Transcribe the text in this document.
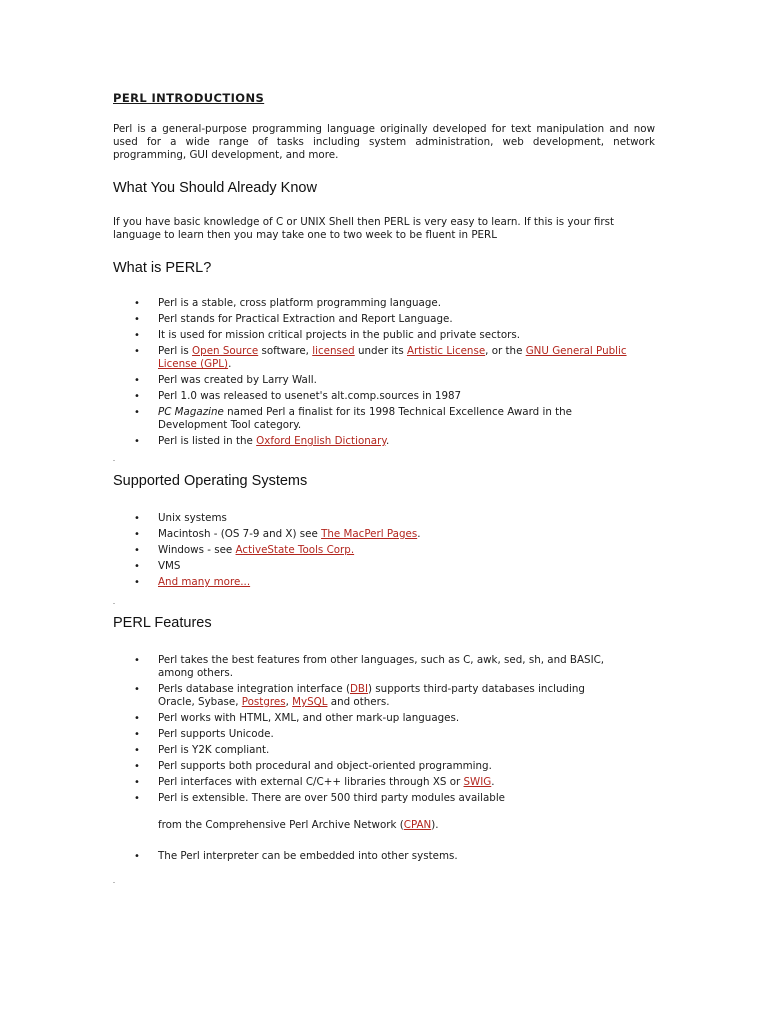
PERL INTRODUCTIONS
Perl is a general-purpose programming language originally developed for text manipulation and now used for a wide range of tasks including system administration, web development, network programming, GUI development, and more.
What You Should Already Know
If you have basic knowledge of C or UNIX Shell then PERL is very easy to learn. If this is your first language to learn then you may take one to two week to be fluent in PERL
What is PERL?
• Perl is a stable, cross platform programming language.
• Perl stands for Practical Extraction and Report Language.
• It is used for mission critical projects in the public and private sectors.
• Perl is Open Source software, licensed under its Artistic License, or the GNU General Public License (GPL).
• Perl was created by Larry Wall.
• Perl 1.0 was released to usenet's alt.comp.sources in 1987
• PC Magazine named Perl a finalist for its 1998 Technical Excellence Award in the Development Tool category.
• Perl is listed in the Oxford English Dictionary.
Supported Operating Systems
• Unix systems
• Macintosh - (OS 7-9 and X) see The MacPerl Pages.
• Windows - see ActiveState Tools Corp.
• VMS
• And many more...
PERL Features
• Perl takes the best features from other languages, such as C, awk, sed, sh, and BASIC, among others.
• Perls database integration interface (DBI) supports third-party databases including Oracle, Sybase, Postgres, MySQL and others.
• Perl works with HTML, XML, and other mark-up languages.
• Perl supports Unicode.
• Perl is Y2K compliant.
• Perl supports both procedural and object-oriented programming.
• Perl interfaces with external C/C++ libraries through XS or SWIG.
• Perl is extensible. There are over 500 third party modules available
from the Comprehensive Perl Archive Network (CPAN).
• The Perl interpreter can be embedded into other systems.
